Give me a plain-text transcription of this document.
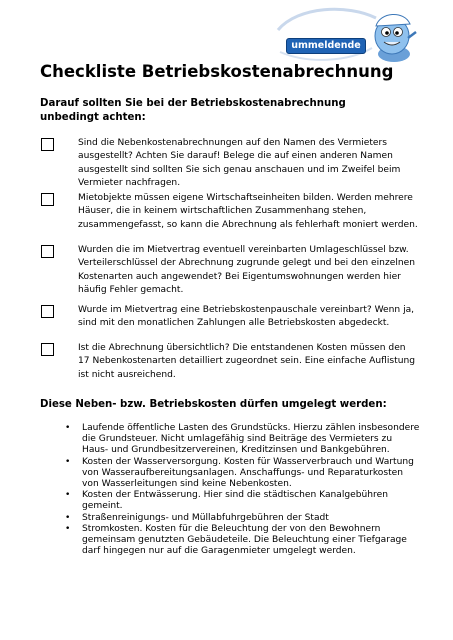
ummeldende
Checkliste Betriebskostenabrechnung

Darauf sollten Sie bei der Betriebskostenabrechnung unbedingt achten:

Sind die Nebenkostenabrechnungen auf den Namen des Vermieters ausgestellt? Achten Sie darauf! Belege die auf einen anderen Namen ausgestellt sind sollten Sie sich genau anschauen und im Zweifel beim Vermieter nachfragen.

Mietobjekte müssen eigene Wirtschaftseinheiten bilden. Werden mehrere Häuser, die in keinem wirtschaftlichen Zusammenhang stehen, zusammengefasst, so kann die Abrechnung als fehlerhaft moniert werden.

Wurden die im Mietvertrag eventuell vereinbarten Umlageschlüssel bzw. Verteilerschlüssel der Abrechnung zugrunde gelegt und bei den einzelnen Kostenarten auch angewendet? Bei Eigentumswohnungen werden hier häufig Fehler gemacht.

Wurde im Mietvertrag eine Betriebskostenpauschale vereinbart? Wenn ja, sind mit den monatlichen Zahlungen alle Betriebskosten abgedeckt.

Ist die Abrechnung übersichtlich? Die entstandenen Kosten müssen den 17 Nebenkostenarten detailliert zugeordnet sein. Eine einfache Auflistung ist nicht ausreichend.

Diese Neben- bzw. Betriebskosten dürfen umgelegt werden:
• Laufende öffentliche Lasten des Grundstücks. Hierzu zählen insbesondere die Grundsteuer. Nicht umlagefähig sind Beiträge des Vermieters zu Haus- und Grundbesitzervereinen, Kreditzinsen und Bankgebühren.
• Kosten der Wasserversorgung. Kosten für Wasserverbrauch und Wartung von Wasseraufbereitungsanlagen. Anschaffungs- und Reparaturkosten von Wasserleitungen sind keine Nebenkosten.
• Kosten der Entwässerung. Hier sind die städtischen Kanalgebühren gemeint.
• Straßenreinigungs- und Müllabfuhrgebühren der Stadt
• Stromkosten. Kosten für die Beleuchtung der von den Bewohnern gemeinsam genutzten Gebäudeteile. Die Beleuchtung einer Tiefgarage darf hingegen nur auf die Garagenmieter umgelegt werden.
